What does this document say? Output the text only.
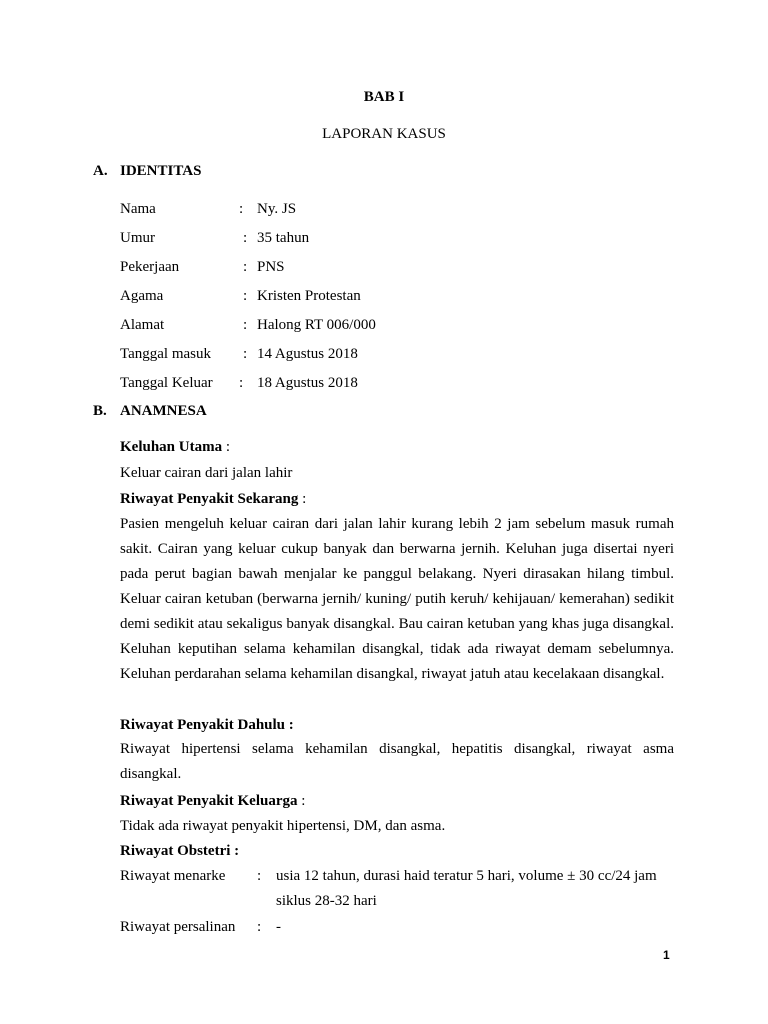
BAB I
LAPORAN KASUS
A. IDENTITAS
Nama	: Ny. JS
Umur	: 35 tahun
Pekerjaan	: PNS
Agama	: Kristen Protestan
Alamat	: Halong RT 006/000
Tanggal masuk : 14 Agustus 2018
Tanggal Keluar : 18 Agustus 2018
B. ANAMNESA
Keluhan Utama :
Keluar cairan dari jalan lahir
Riwayat Penyakit Sekarang :
Pasien mengeluh keluar cairan dari jalan lahir kurang lebih 2 jam sebelum masuk rumah sakit. Cairan yang keluar cukup banyak dan berwarna jernih. Keluhan juga disertai nyeri pada perut bagian bawah menjalar ke panggul belakang. Nyeri dirasakan hilang timbul. Keluar cairan ketuban (berwarna jernih/ kuning/ putih keruh/ kehijauan/ kemerahan) sedikit demi sedikit atau sekaligus banyak disangkal. Bau cairan ketuban yang khas juga disangkal. Keluhan keputihan selama kehamilan disangkal, tidak ada riwayat demam sebelumnya. Keluhan perdarahan selama kehamilan disangkal, riwayat jatuh atau kecelakaan disangkal.
Riwayat Penyakit Dahulu :
Riwayat hipertensi selama kehamilan disangkal, hepatitis disangkal, riwayat asma disangkal.
Riwayat Penyakit Keluarga :
Tidak ada riwayat penyakit hipertensi, DM, dan asma.
Riwayat Obstetri :
Riwayat menarke : usia 12 tahun, durasi haid teratur 5 hari, volume ± 30 cc/24 jam
siklus 28-32 hari
Riwayat persalinan : -
1
